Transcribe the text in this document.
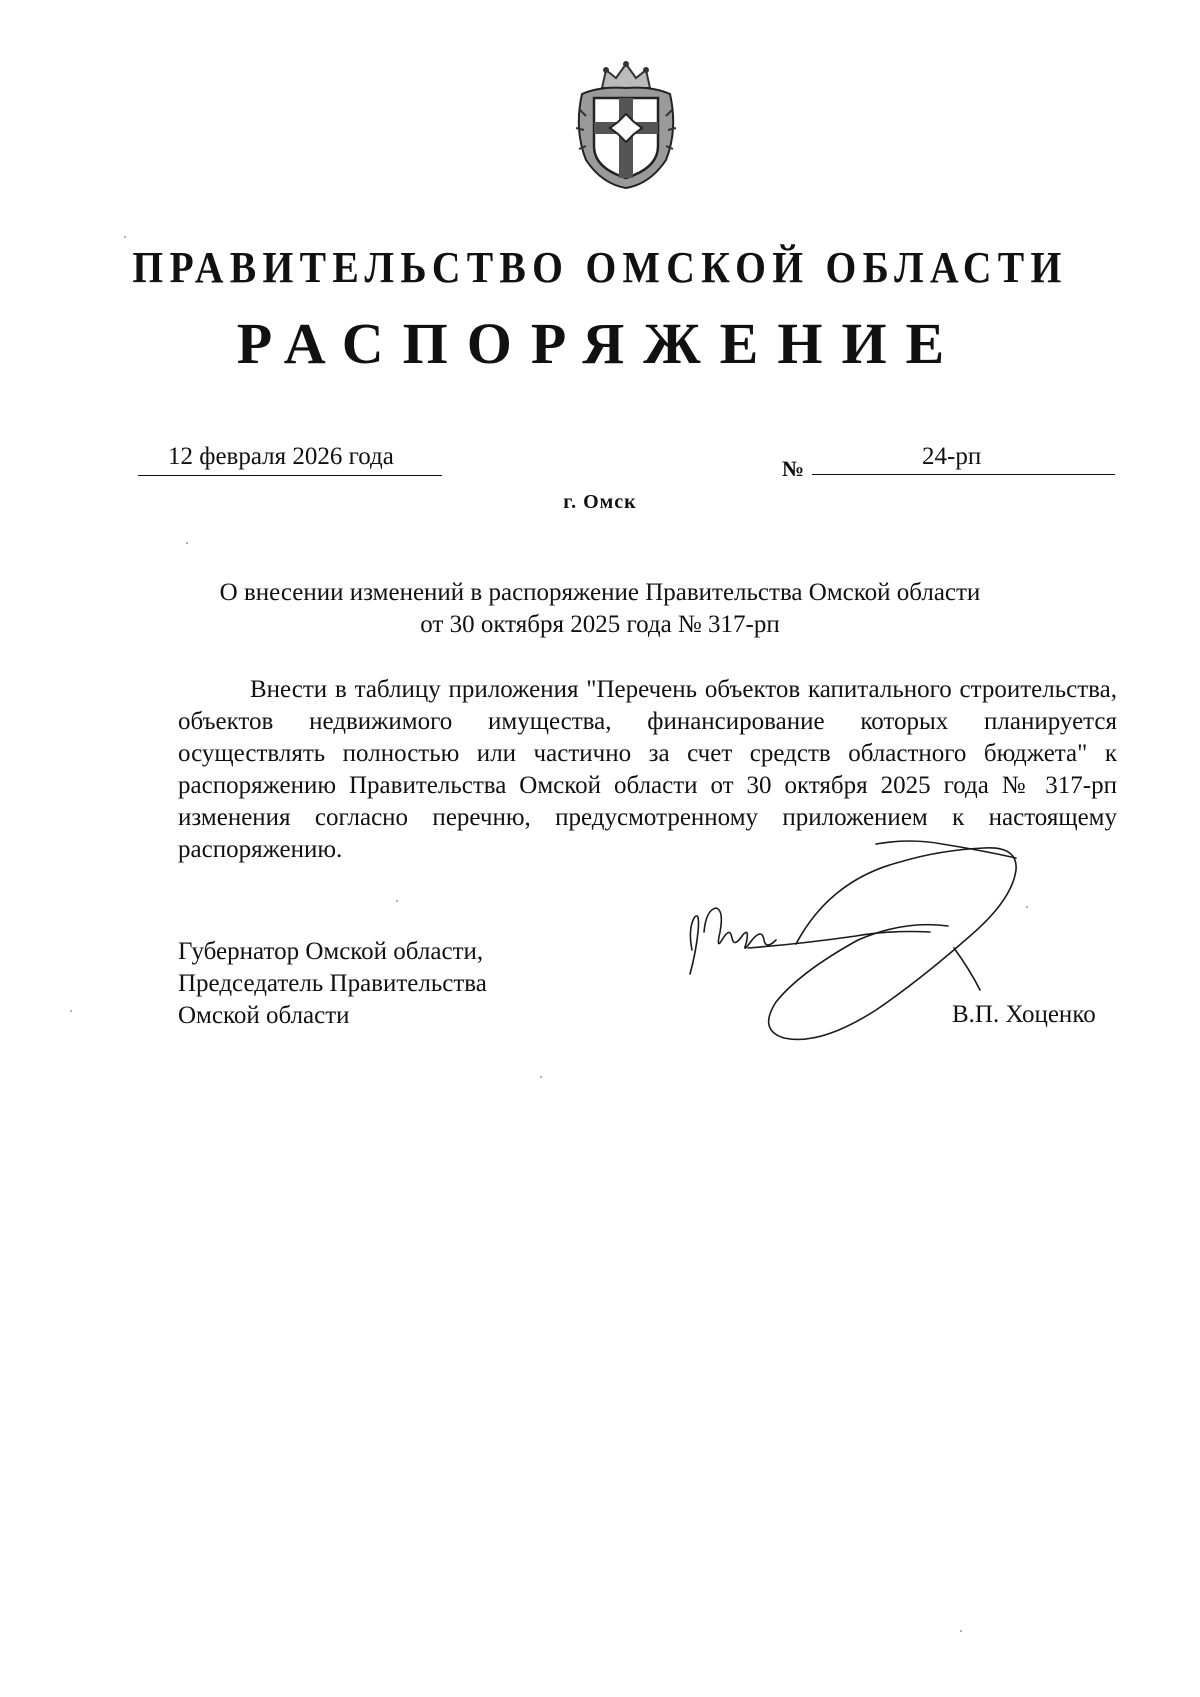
ПРАВИТЕЛЬСТВО ОМСКОЙ ОБЛАСТИ
РАСПОРЯЖЕНИЕ
12 февраля 2026 года	№	24-рп
г. Омск
О внесении изменений в распоряжение Правительства Омской области
от 30 октября 2025 года № 317-рп
Внести в таблицу приложения "Перечень объектов капитального строительства, объектов недвижимого имущества, финансирование которых планируется осуществлять полностью или частично за счет средств областного бюджета" к распоряжению Правительства Омской области от 30 октября 2025 года № 317-рп изменения согласно перечню, предусмотренному приложением к настоящему распоряжению.
Губернатор Омской области,
Председатель Правительства
Омской области	В.П. Хоценко
